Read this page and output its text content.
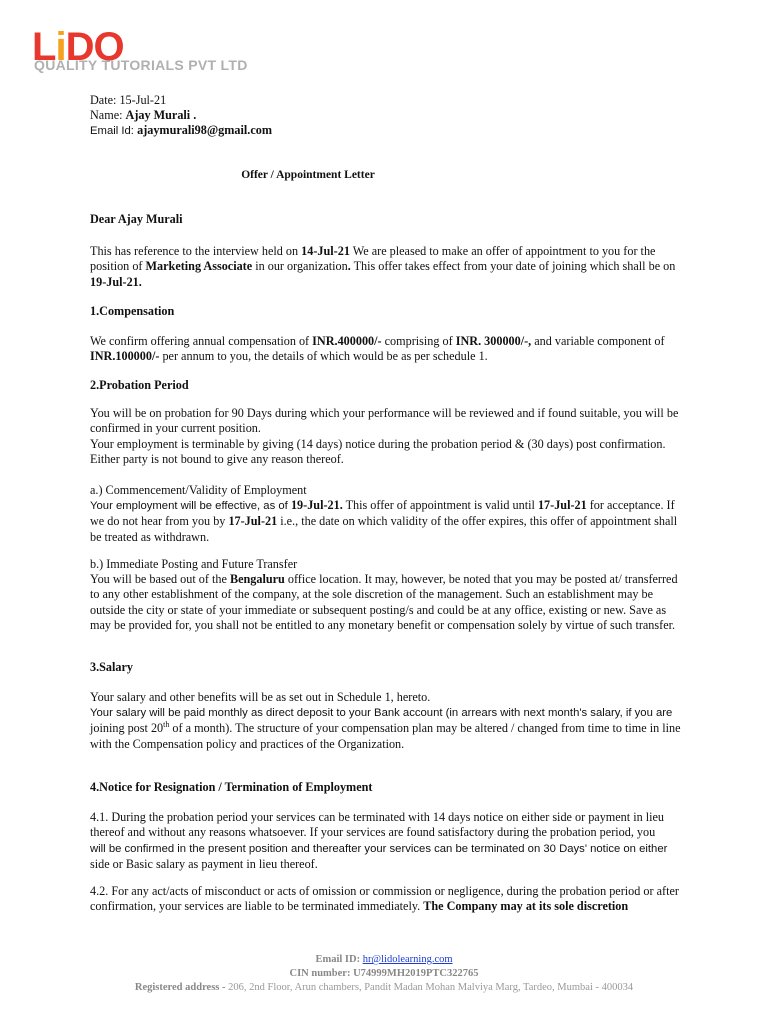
LiDO
QUALITY TUTORIALS PVT LTD
Date: 15-Jul-21
Name: Ajay Murali .
Email Id: ajaymurali98@gmail.com
Offer / Appointment Letter
Dear Ajay Murali

This has reference to the interview held on 14-Jul-21 We are pleased to make an offer of appointment to you for the position of Marketing Associate in our organization. This offer takes effect from your date of joining which shall be on 19-Jul-21.

1.Compensation

We confirm offering annual compensation of INR.400000/- comprising of INR. 300000/-, and variable component of INR.100000/- per annum to you, the details of which would be as per schedule 1.

2.Probation Period

You will be on probation for 90 Days during which your performance will be reviewed and if found suitable, you will be confirmed in your current position.

Your employment is terminable by giving (14 days) notice during the probation period & (30 days) post confirmation. Either party is not bound to give any reason thereof.

a.) Commencement/Validity of Employment

Your employment will be effective, as of 19-Jul-21. This offer of appointment is valid until 17-Jul-21 for acceptance. If we do not hear from you by 17-Jul-21 i.e., the date on which validity of the offer expires, this offer of appointment shall be treated as withdrawn.

b.) Immediate Posting and Future Transfer

You will be based out of the Bengaluru office location. It may, however, be noted that you may be posted at/ transferred to any other establishment of the company, at the sole discretion of the management. Such an establishment may be outside the city or state of your immediate or subsequent posting/s and could be at any office, existing or new. Save as may be provided for, you shall not be entitled to any monetary benefit or compensation solely by virtue of such transfer.

3.Salary

Your salary and other benefits will be as set out in Schedule 1, hereto.

Your salary will be paid monthly as direct deposit to your Bank account (in arrears with next month's salary, if you are
joining post 20th of a month). The structure of your compensation plan may be altered / changed from time to time in line with the Compensation policy and practices of the Organization.

4.Notice for Resignation / Termination of Employment

4.1. During the probation period your services can be terminated with 14 days notice on either side or payment in lieu thereof and without any reasons whatsoever. If your services are found satisfactory during the probation period, you
will be confirmed in the present position and thereafter your services can be terminated on 30 Days' notice on either
side or Basic salary as payment in lieu thereof.

4.2. For any act/acts of misconduct or acts of omission or commission or negligence, during the probation period or after confirmation, your services are liable to be terminated immediately. The Company may at its sole discretion

Email ID: hr@lidolearning.com
CIN number: U74999MH2019PTC322765
Registered address - 206, 2nd Floor, Arun chambers, Pandit Madan Mohan Malviya Marg, Tardeo, Mumbai - 400034
